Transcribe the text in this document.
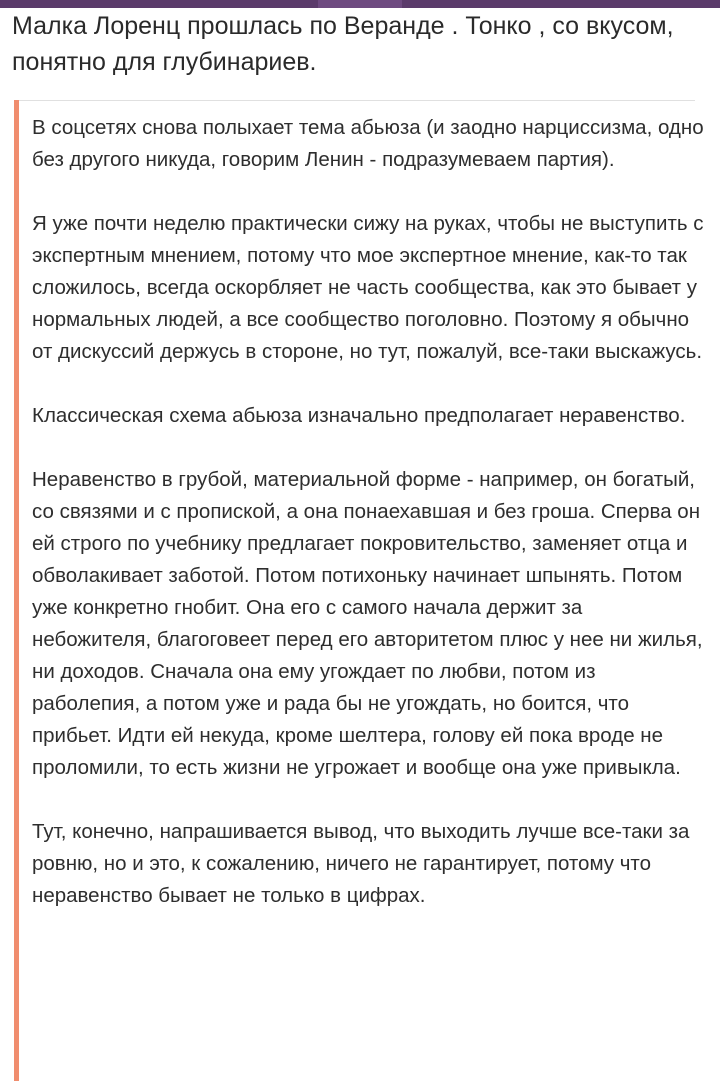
Малка Лоренц прошлась по Веранде . Тонко , со вкусом, понятно для глубинариев.

В соцсетях снова полыхает тема абьюза (и заодно нарциссизма, одно без другого никуда, говорим Ленин - подразумеваем партия).

Я уже почти неделю практически сижу на руках, чтобы не выступить с экспертным мнением, потому что мое экспертное мнение, как-то так сложилось, всегда оскорбляет не часть сообщества, как это бывает у нормальных людей, а все сообщество поголовно. Поэтому я обычно от дискуссий держусь в стороне, но тут, пожалуй, все-таки выскажусь.

Классическая схема абьюза изначально предполагает неравенство.

Неравенство в грубой, материальной форме - например, он богатый, со связями и с пропиской, а она понаехавшая и без гроша. Сперва он ей строго по учебнику предлагает покровительство, заменяет отца и обволакивает заботой. Потом потихоньку начинает шпынять. Потом уже конкретно гнобит. Она его с самого начала держит за небожителя, благоговеет перед его авторитетом плюс у нее ни жилья, ни доходов. Сначала она ему угождает по любви, потом из раболепия, а потом уже и рада бы не угождать, но боится, что прибьет. Идти ей некуда, кроме шелтера, голову ей пока вроде не проломили, то есть жизни не угрожает и вообще она уже привыкла.

Тут, конечно, напрашивается вывод, что выходить лучше все-таки за ровню, но и это, к сожалению, ничего не гарантирует, потому что неравенство бывает не только в цифрах.
